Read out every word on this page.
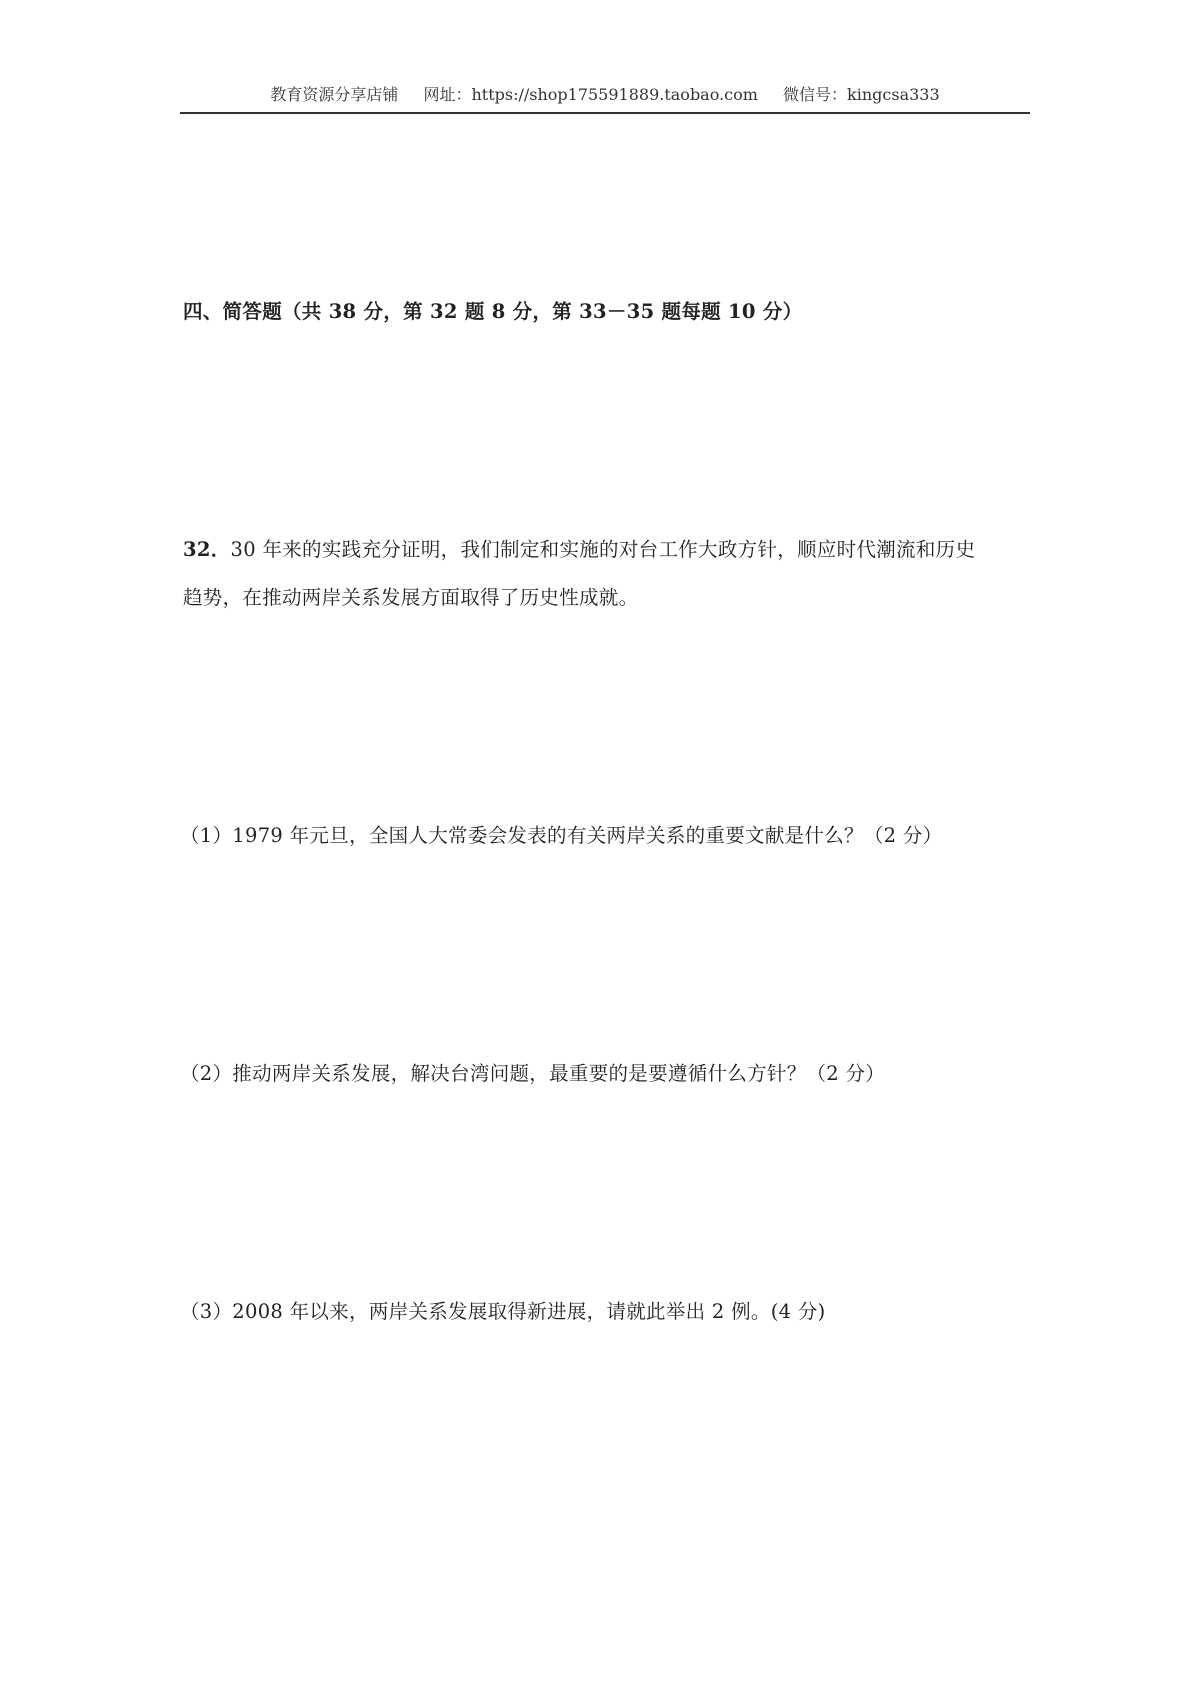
教育资源分享店铺 网址：https://shop175591889.taobao.com 微信号：kingcsa333
四、简答题（共 38 分，第 32 题 8 分，第 33－35 题每题 10 分）
32．30 年来的实践充分证明，我们制定和实施的对台工作大政方针，顺应时代潮流和历史
趋势，在推动两岸关系发展方面取得了历史性成就。
（1）1979 年元旦，全国人大常委会发表的有关两岸关系的重要文献是什么？（2 分）
（2）推动两岸关系发展，解决台湾问题，最重要的是要遵循什么方针？（2 分）
（3）2008 年以来，两岸关系发展取得新进展，请就此举出 2 例。(4 分)
